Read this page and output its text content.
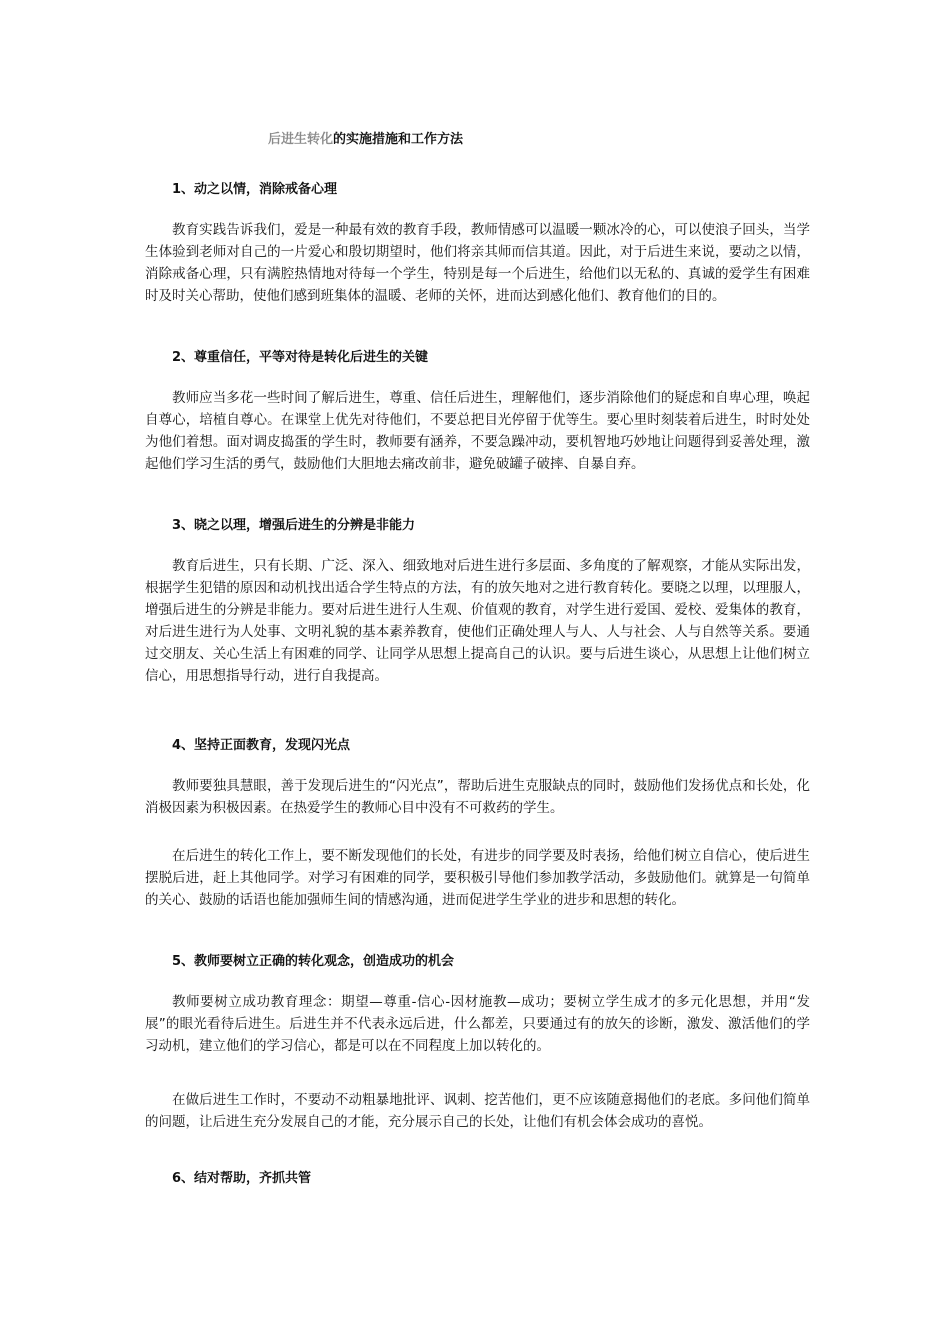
后进生转化的实施措施和工作方法
1、动之以情，消除戒备心理
教育实践告诉我们，爱是一种最有效的教育手段，教师情感可以温暖一颗冰冷的心，可以使浪子回头，当学生体验到老师对自己的一片爱心和殷切期望时，他们将亲其师而信其道。因此，对于后进生来说，要动之以情，消除戒备心理，只有满腔热情地对待每一个学生，特别是每一个后进生，给他们以无私的、真诚的爱学生有困难时及时关心帮助，使他们感到班集体的温暖、老师的关怀，进而达到感化他们、教育他们的目的。
2、尊重信任，平等对待是转化后进生的关键
教师应当多花一些时间了解后进生，尊重、信任后进生，理解他们，逐步消除他们的疑虑和自卑心理，唤起自尊心，培植自尊心。在课堂上优先对待他们，不要总把目光停留于优等生。要心里时刻装着后进生，时时处处为他们着想。面对调皮捣蛋的学生时，教师要有涵养，不要急躁冲动，要机智地巧妙地让问题得到妥善处理，激起他们学习生活的勇气，鼓励他们大胆地去痛改前非，避免破罐子破摔、自暴自弃。
3、晓之以理，增强后进生的分辨是非能力
教育后进生，只有长期、广泛、深入、细致地对后进生进行多层面、多角度的了解观察，才能从实际出发，根据学生犯错的原因和动机找出适合学生特点的方法，有的放矢地对之进行教育转化。要晓之以理，以理服人，增强后进生的分辨是非能力。要对后进生进行人生观、价值观的教育，对学生进行爱国、爱校、爱集体的教育，对后进生进行为人处事、文明礼貌的基本素养教育，使他们正确处理人与人、人与社会、人与自然等关系。要通过交朋友、关心生活上有困难的同学、让同学从思想上提高自己的认识。要与后进生谈心，从思想上让他们树立信心，用思想指导行动，进行自我提高。
4、坚持正面教育，发现闪光点
教师要独具慧眼，善于发现后进生的“闪光点”，帮助后进生克服缺点的同时，鼓励他们发扬优点和长处，化消极因素为积极因素。在热爱学生的教师心目中没有不可救药的学生。
在后进生的转化工作上，要不断发现他们的长处，有进步的同学要及时表扬，给他们树立自信心，使后进生摆脱后进，赶上其他同学。对学习有困难的同学，要积极引导他们参加教学活动，多鼓励他们。就算是一句简单的关心、鼓励的话语也能加强师生间的情感沟通，进而促进学生学业的进步和思想的转化。
5、教师要树立正确的转化观念，创造成功的机会
教师要树立成功教育理念：期望—尊重-信心-因材施教—成功；要树立学生成才的多元化思想，并用“发展”的眼光看待后进生。后进生并不代表永远后进，什么都差，只要通过有的放矢的诊断，激发、激活他们的学习动机，建立他们的学习信心，都是可以在不同程度上加以转化的。
在做后进生工作时，不要动不动粗暴地批评、讽刺、挖苦他们，更不应该随意揭他们的老底。多问他们简单的问题，让后进生充分发展自己的才能，充分展示自己的长处，让他们有机会体会成功的喜悦。
6、结对帮助，齐抓共管
